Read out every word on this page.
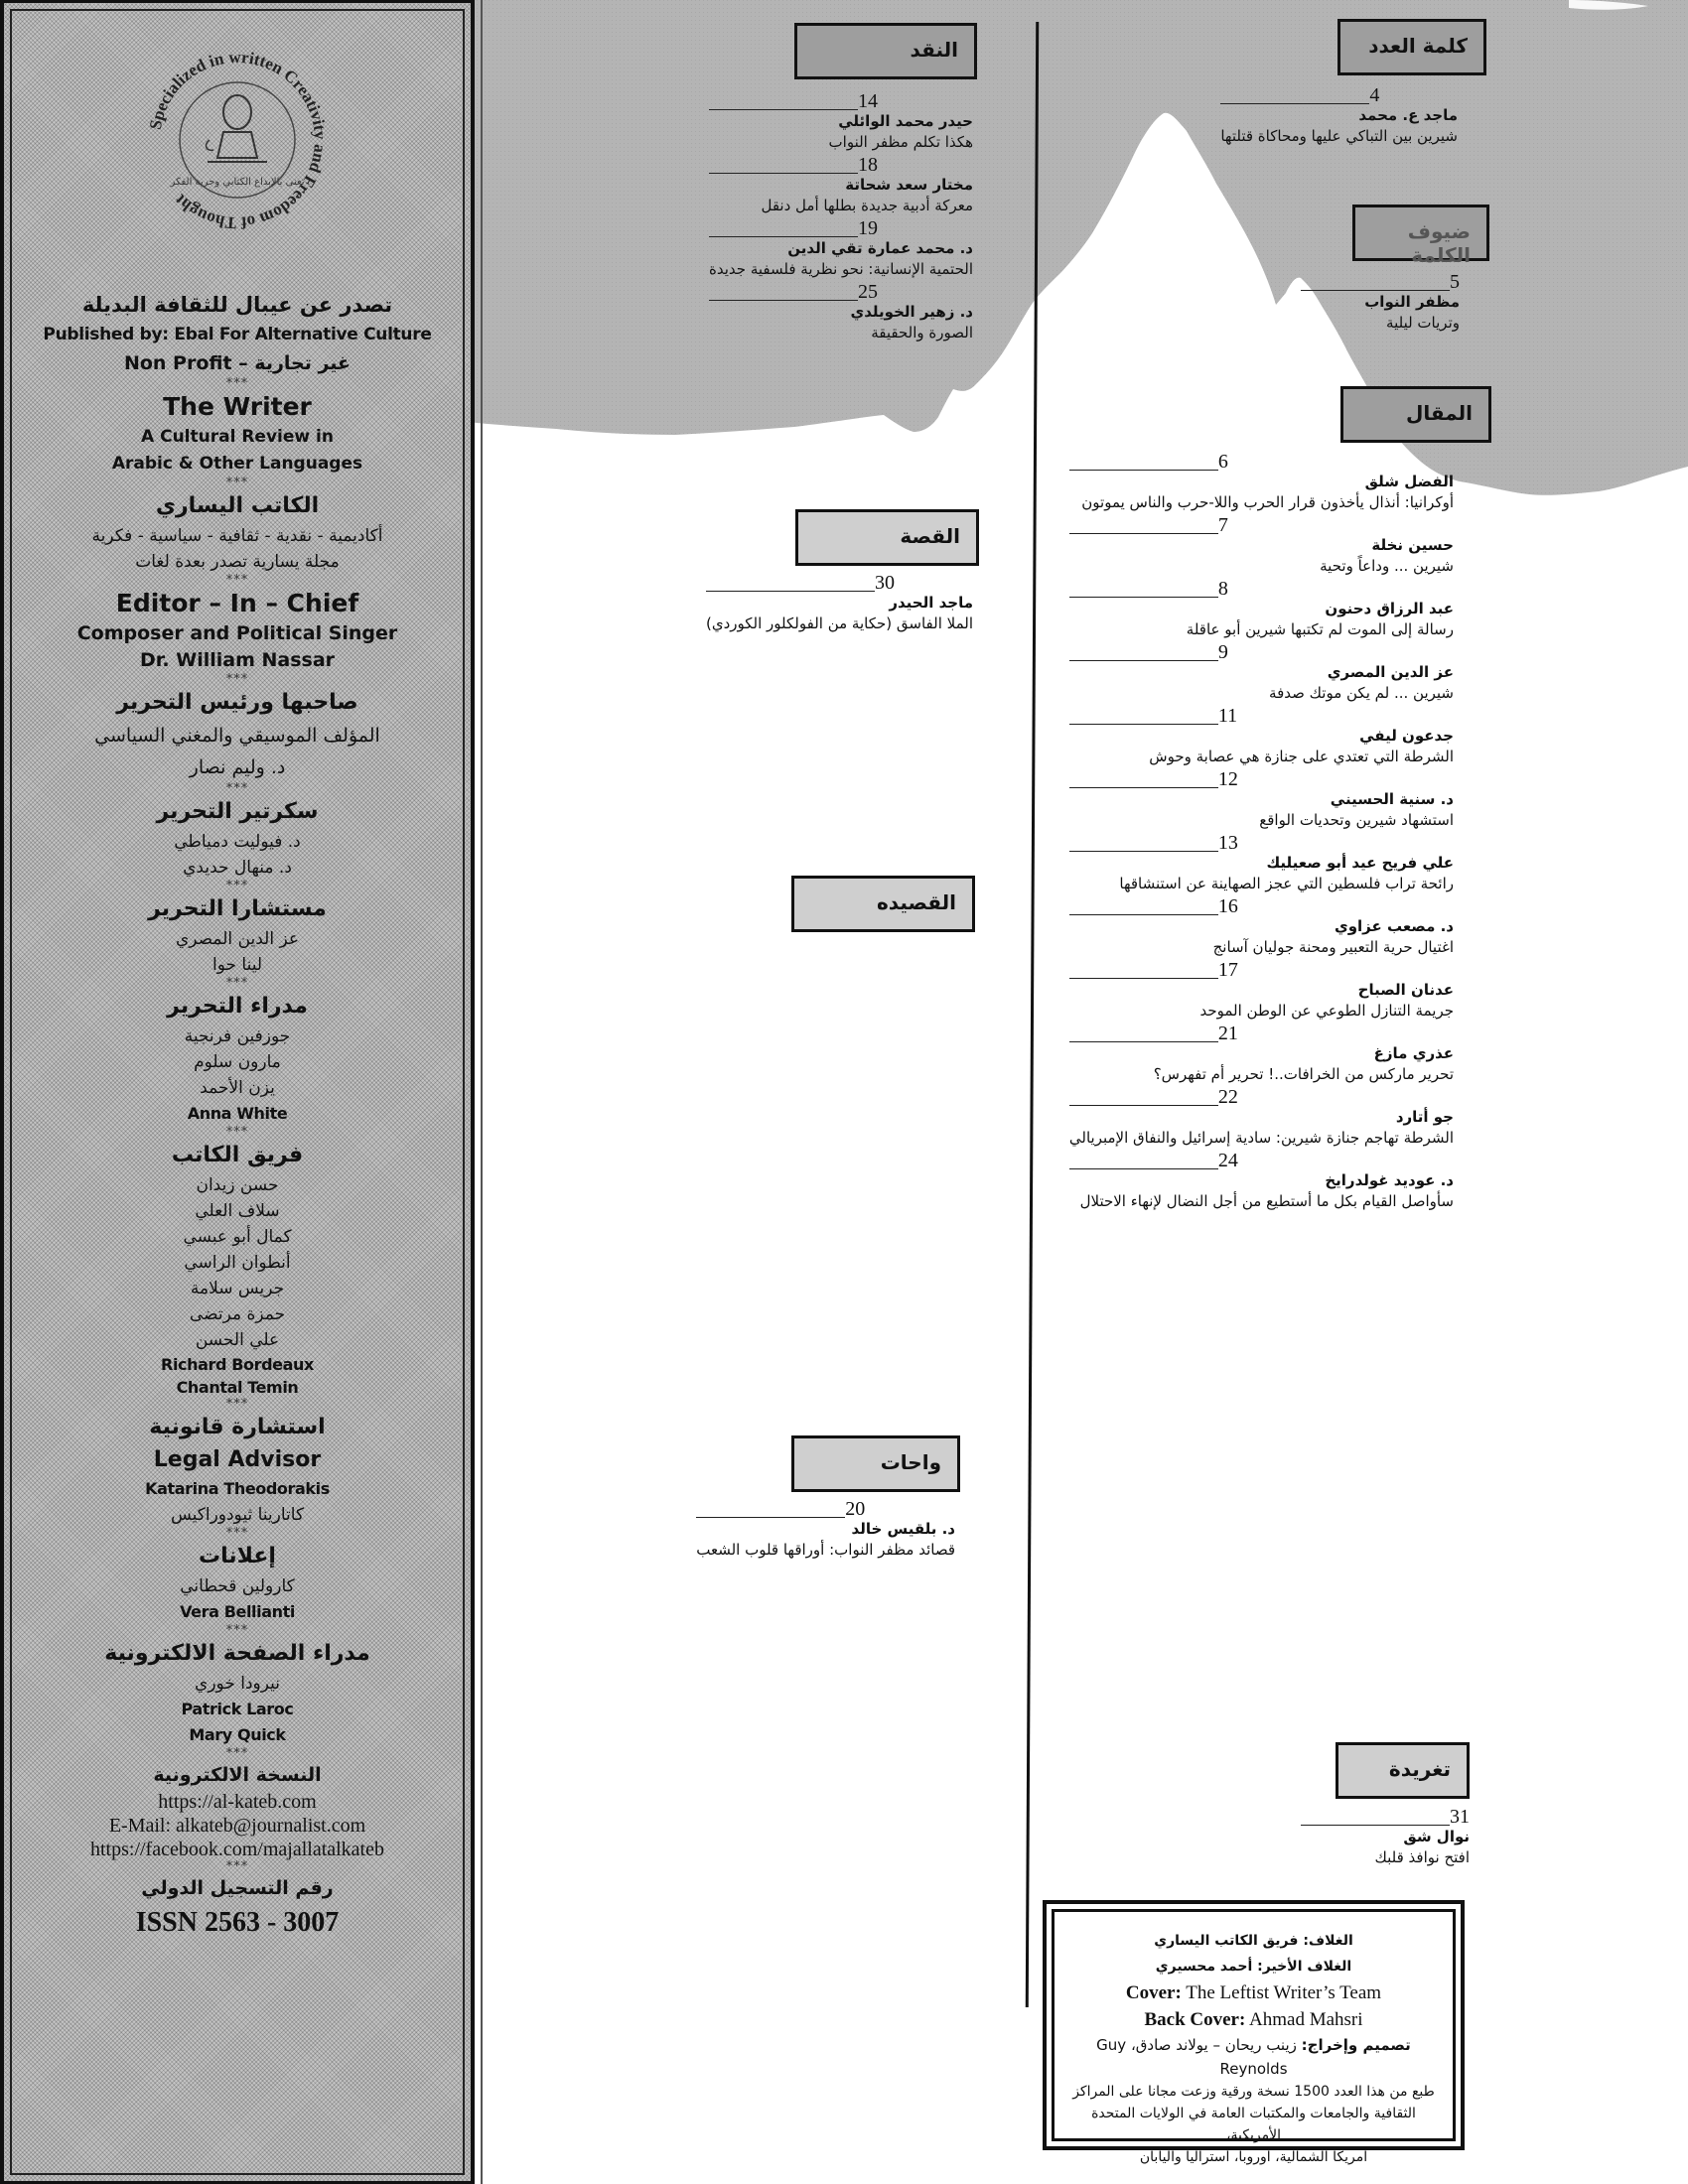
Specialized in written Creativity and Freedom of Thought
تعنى بالإبداع الكتابي وحرية الفكر
تصدر عن عيبال للثقافة البديلة
Published by: Ebal For Alternative Culture
Non Profit – غير تجارية
***
The Writer
A Cultural Review in
Arabic & Other Languages
***
الكاتب اليساري
أكاديمية - نقدية - ثقافية - سياسية - فكرية
مجلة يسارية تصدر بعدة لغات
***
Editor – In – Chief
Composer and Political Singer
Dr. William Nassar
***
صاحبها ورئيس التحرير
المؤلف الموسيقي والمغني السياسي
د. وليم نصار
***
سكرتير التحرير
د. فيوليت دمياطي
د. منهال حديدي
***
مستشارا التحرير
عز الدين المصري
لينا حوا
***
مدراء التحرير
جوزفين فرنجية
مارون سلوم
يزن الأحمد
Anna White
***
فريق الكاتب
حسن زيدان
سلاف العلي
كمال أبو عبسي
أنطوان الراسي
جريس سلامة
حمزة مرتضى
علي الحسن
Richard Bordeaux
Chantal Temin
***
استشارة قانونية
Legal Advisor
Katarina Theodorakis
كاتارينا ثيودوراكيس
***
إعلانات
كارولين قحطاني
Vera Bellianti
***
مدراء الصفحة الالكترونية
نيرودا خوري
Patrick Laroc
Mary Quick
***
النسخة الالكترونية
https://al-kateb.com
E-Mail: alkateb@journalist.com
https://facebook.com/majallatalkateb
***
رقم التسجيل الدولي
ISSN 2563 - 3007
كلمة العدد
4
ماجد ع. محمد
شيرين بين التباكي عليها ومحاكاة قتلتها
ضيوف الكلمة
5
مظفر النواب
وتريات ليلية
المقال
6
الفضل شلق
أوكرانيا: أنذال يأخذون قرار الحرب واللا-حرب والناس يموتون
7
حسين نخلة
شيرين ... وداعاً وتحية
8
عبد الرزاق دحنون
رسالة إلى الموت لم تكتبها شيرين أبو عاقلة
9
عز الدين المصري
شيرين ... لم يكن موتك صدفة
11
جدعون ليفي
الشرطة التي تعتدي على جنازة هي عصابة وحوش
12
د. سنية الحسيني
استشهاد شيرين وتحديات الواقع
13
علي فريح عيد أبو صعيليك
رائحة تراب فلسطين التي عجز الصهاينة عن استنشاقها
16
د. مصعب عزاوي
اغتيال حرية التعبير ومحنة جوليان آسانج
17
عدنان الصباح
جريمة التنازل الطوعي عن الوطن الموحد
21
عذري مازغ
تحرير ماركس من الخرافات..! تحرير أم تفهرس؟
22
جو أتارد
الشرطة تهاجم جنازة شيرين: سادية إسرائيل والنفاق الإمبريالي
24
د. عوديد غولدرايخ
سأواصل القيام بكل ما أستطيع من أجل النضال لإنهاء الاحتلال
تغريدة
31
نوال شق
افتح نوافذ قلبك
النقد
14
حيدر محمد الوائلي
هكذا تكلم مظفر النواب
18
مختار سعد شحاتة
معركة أدبية جديدة بطلها أمل دنقل
19
د. محمد عمارة تقي الدين
الحتمية الإنسانية: نحو نظرية فلسفية جديدة
25
د. زهير الخويلدي
الصورة والحقيقة
القصة
30
ماجد الحيدر
الملا الفاسق (حكاية من الفولكلور الكوردي)
القصيده
واحات
20
د. بلقيس خالد
قصائد مظفر النواب: أوراقها قلوب الشعب
الغلاف: فريق الكاتب اليساري
الغلاف الأخير: أحمد محسيري
Cover: The Leftist Writer’s Team
Back Cover: Ahmad Mahsri
تصميم وإخراج: زينب ريحان – يولاند صادق، Guy Reynolds
طبع من هذا العدد 1500 نسخة ورقية وزعت مجانا على المراكز
الثقافية والجامعات والمكتبات العامة في الولايات المتحدة الأمريكية،
أمريكا الشمالية، أوروبا، أستراليا واليابان
